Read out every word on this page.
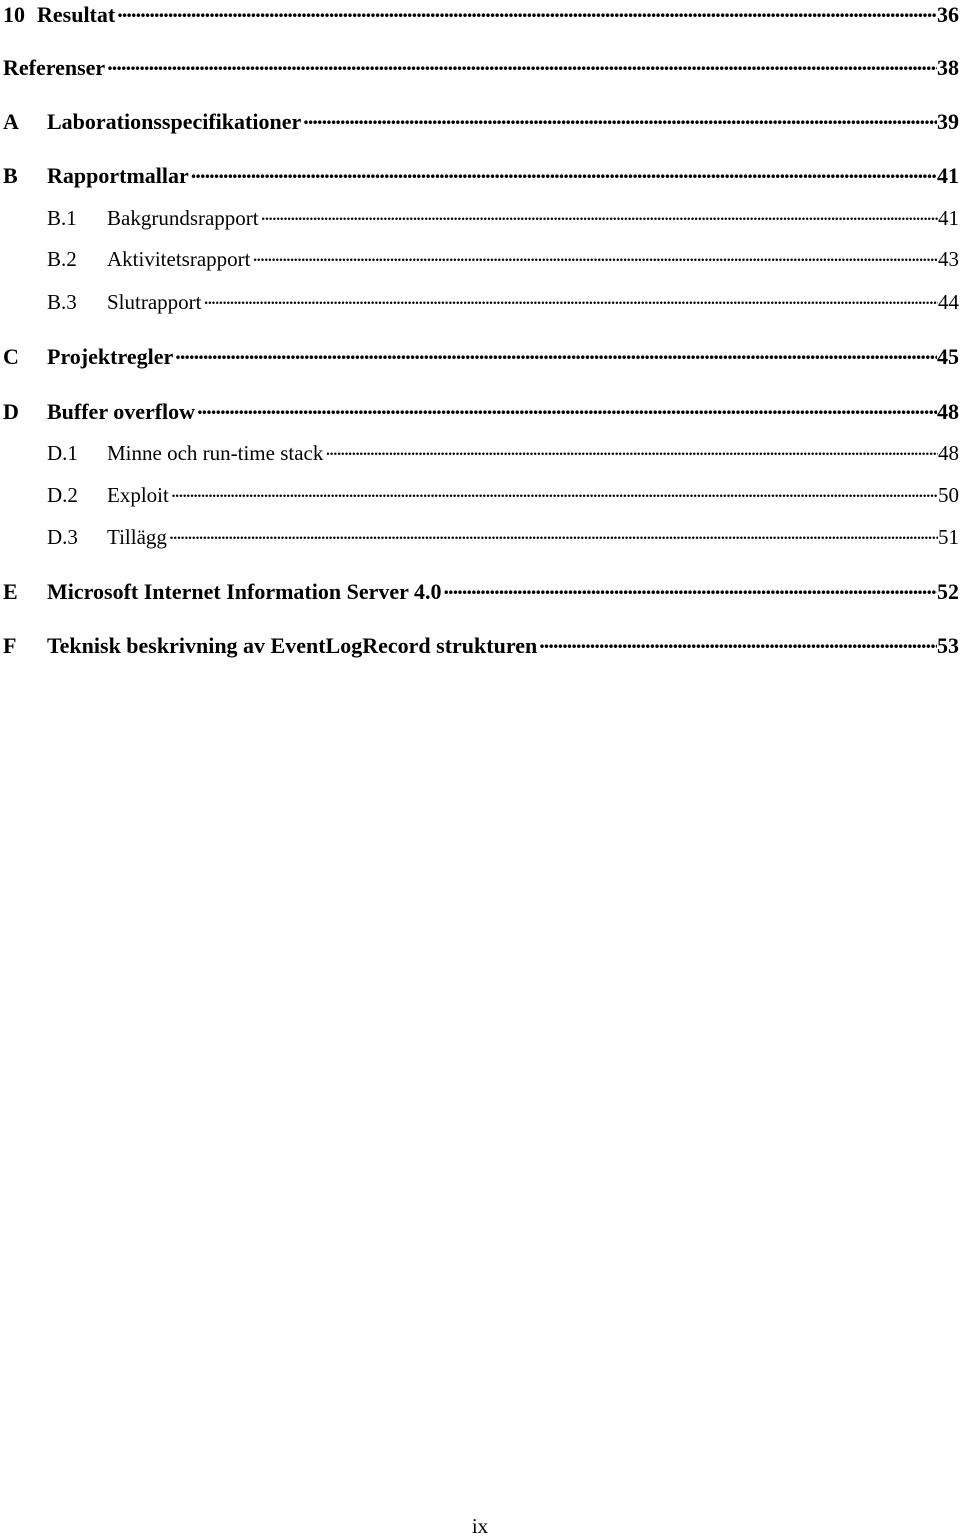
10 Resultat . . .	36
Referenser . . .	38
A	Laborationsspecifikationer . . .	39
B	Rapportmallar . . .	41
B.1	Bakgrundsrapport . . .	41
B.2	Aktivitetsrapport . . .	43
B.3	Slutrapport . . .	44
C	Projektregler . . .	45
D	Buffer overflow . . .	48
D.1	Minne och run-time stack . . .	48
D.2	Exploit . . .	50
D.3	Tillägg . . .	51
E	Microsoft Internet Information Server 4.0 . . .	52
F	Teknisk beskrivning av EventLogRecord strukturen . . .	53
ix
